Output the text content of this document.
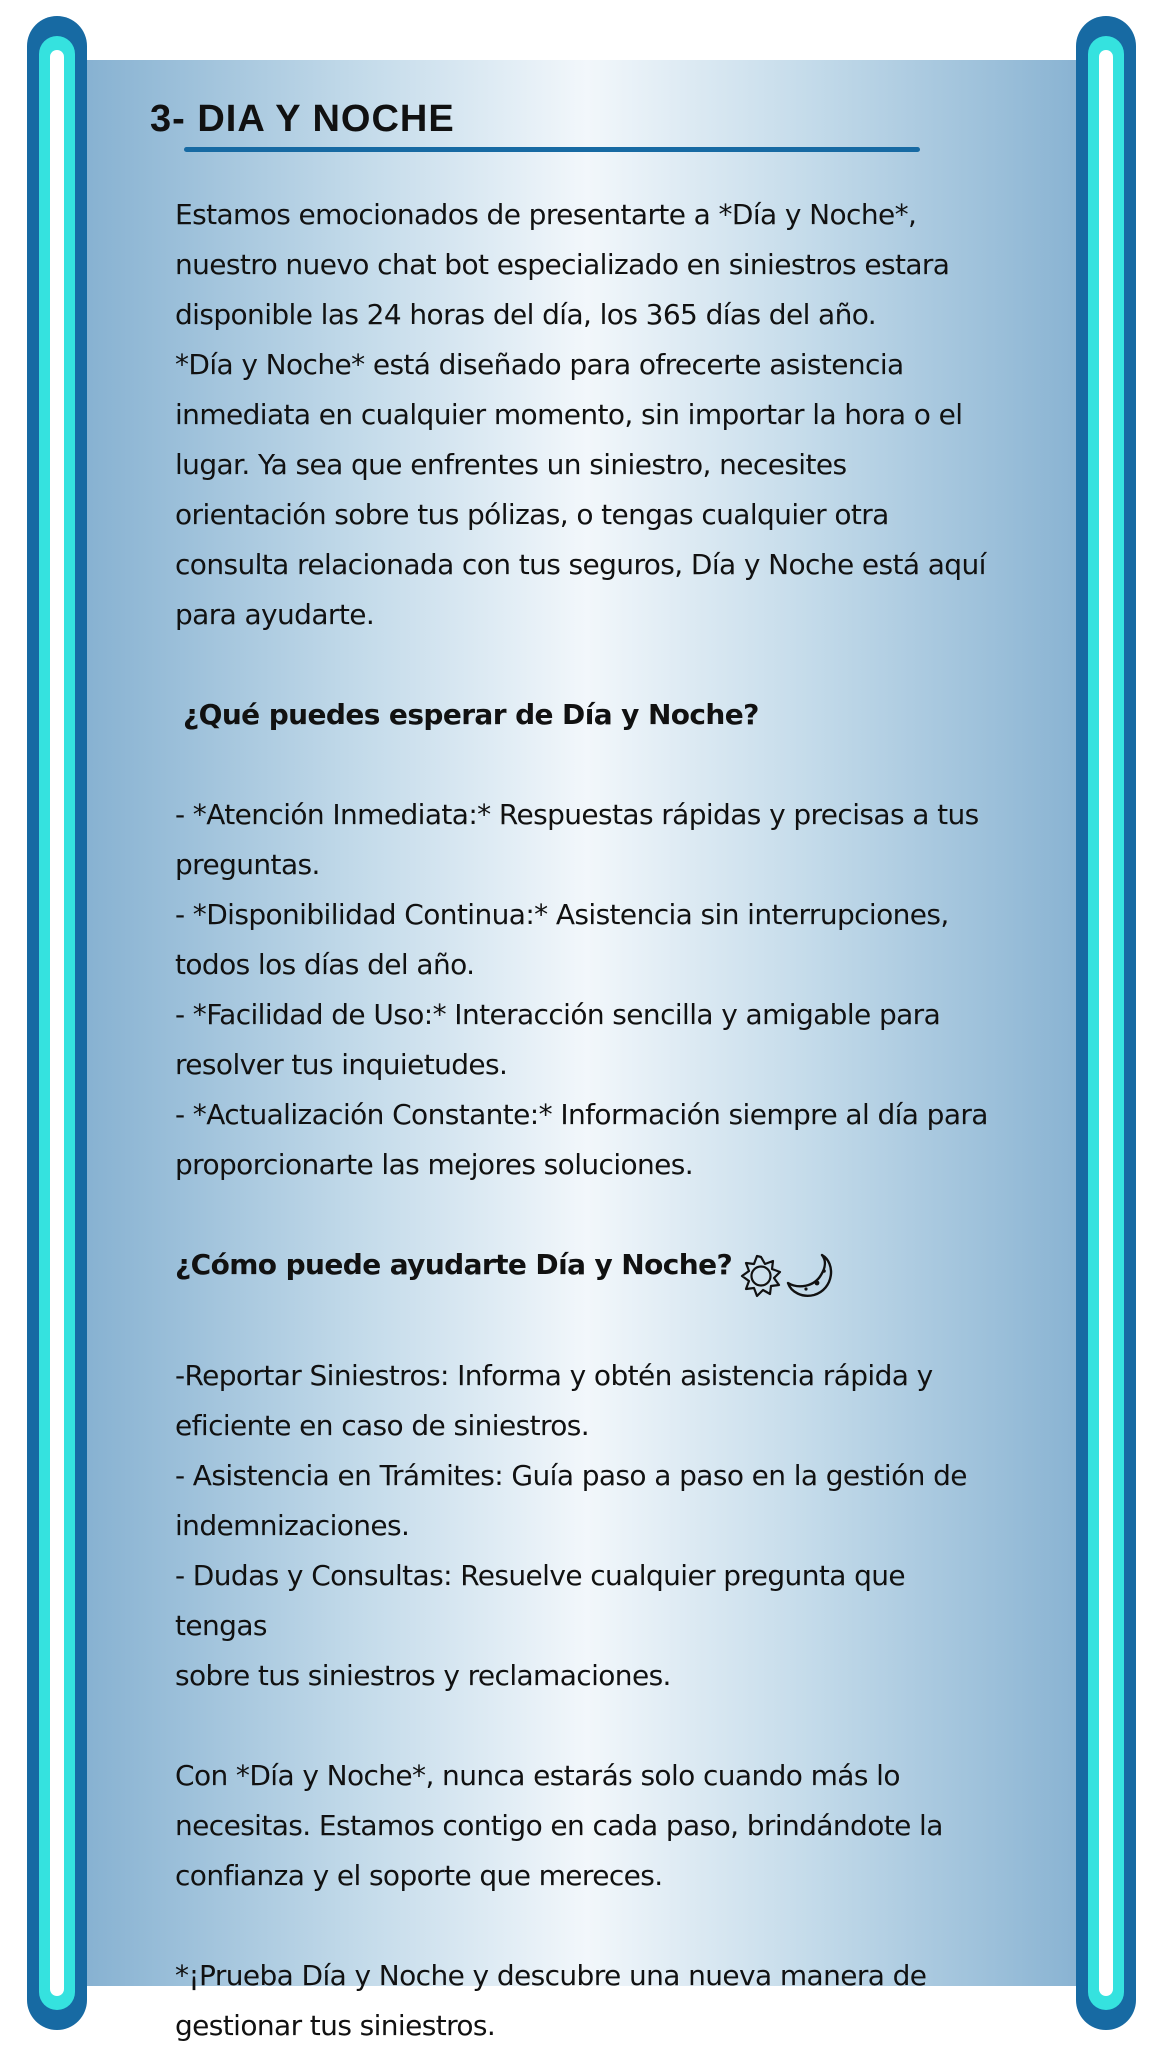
3- DIA Y NOCHE

Estamos emocionados de presentarte a *Día y Noche*,

nuestro nuevo chat bot especializado en siniestros estara

disponible las 24 horas del día, los 365 días del año.

*Día y Noche* está diseñado para ofrecerte asistencia

inmediata en cualquier momento, sin importar la hora o el

lugar. Ya sea que enfrentes un siniestro, necesites

orientación sobre tus pólizas, o tengas cualquier otra

consulta relacionada con tus seguros, Día y Noche está aquí

para ayudarte.

¿Qué puedes esperar de Día y Noche?

- *Atención Inmediata:* Respuestas rápidas y precisas a tus

preguntas.

- *Disponibilidad Continua:* Asistencia sin interrupciones,

todos los días del año.

- *Facilidad de Uso:* Interacción sencilla y amigable para

resolver tus inquietudes.

- *Actualización Constante:* Información siempre al día para

proporcionarte las mejores soluciones.

¿Cómo puede ayudarte Día y Noche?

-Reportar Siniestros: Informa y obtén asistencia rápida y

eficiente en caso de siniestros.

- Asistencia en Trámites: Guía paso a paso en la gestión de

indemnizaciones.

- Dudas y Consultas: Resuelve cualquier pregunta que tengas

sobre tus siniestros y reclamaciones.

Con *Día y Noche*, nunca estarás solo cuando más lo

necesitas. Estamos contigo en cada paso, brindándote la

confianza y el soporte que mereces.

*¡Prueba Día y Noche y descubre una nueva manera de

gestionar tus siniestros.
